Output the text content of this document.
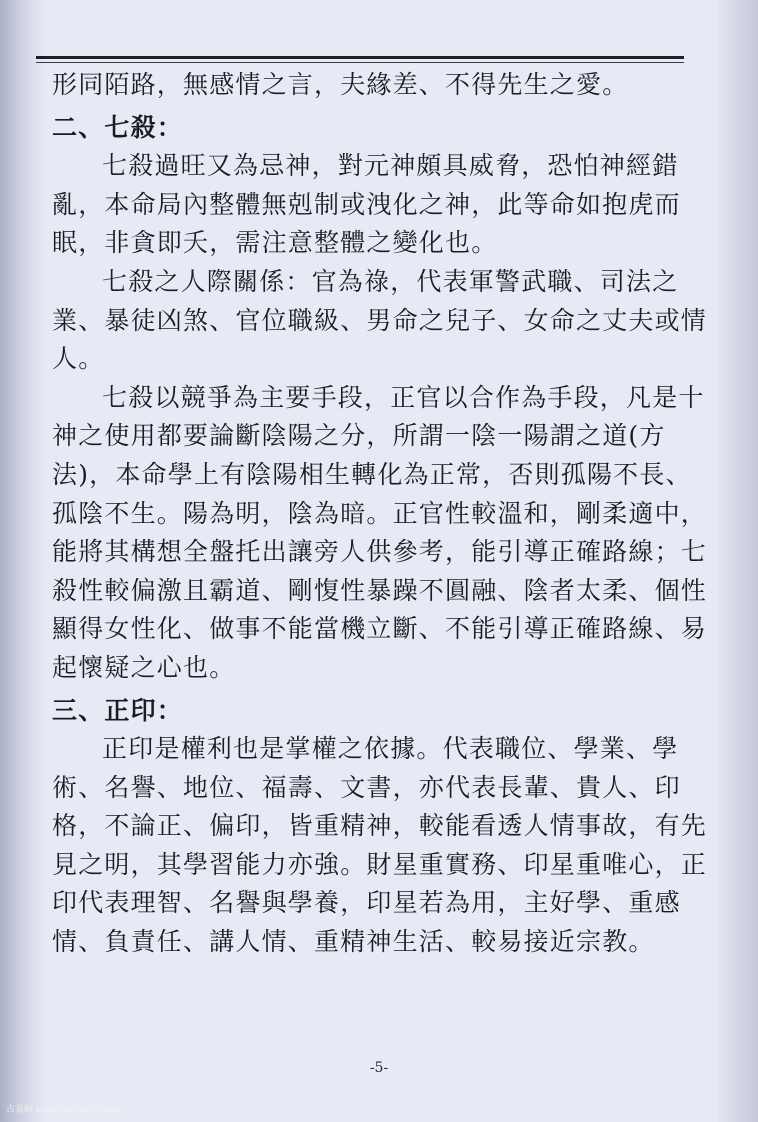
形同陌路，無感情之言，夫緣差、不得先生之愛。

二、七殺：

七殺過旺又為忌神，對元神頗具威脅，恐怕神經錯亂，本命局內整體無剋制或洩化之神，此等命如抱虎而眠，非貪即夭，需注意整體之變化也。

七殺之人際關係：官為祿，代表軍警武職、司法之業、暴徒凶煞、官位職級、男命之兒子、女命之丈夫或情人。

七殺以競爭為主要手段，正官以合作為手段，凡是十神之使用都要論斷陰陽之分，所謂一陰一陽謂之道(方法)，本命學上有陰陽相生轉化為正常，否則孤陽不長、孤陰不生。陽為明，陰為暗。正官性較溫和，剛柔適中，能將其構想全盤托出讓旁人供參考，能引導正確路線；七殺性較偏激且霸道、剛愎性暴躁不圓融、陰者太柔、個性顯得女性化、做事不能當機立斷、不能引導正確路線、易起懷疑之心也。

三、正印：

正印是權利也是掌權之依據。代表職位、學業、學術、名譽、地位、福壽、文書，亦代表長輩、貴人、印格，不論正、偏印，皆重精神，較能看透人情事故，有先見之明，其學習能力亦強。財星重實務、印星重唯心，正印代表理智、名譽與學養，印星若為用，主好學、重感情、負責任、講人情、重精神生活、較易接近宗教。

-5-
古易網 www.fozhu920.com
